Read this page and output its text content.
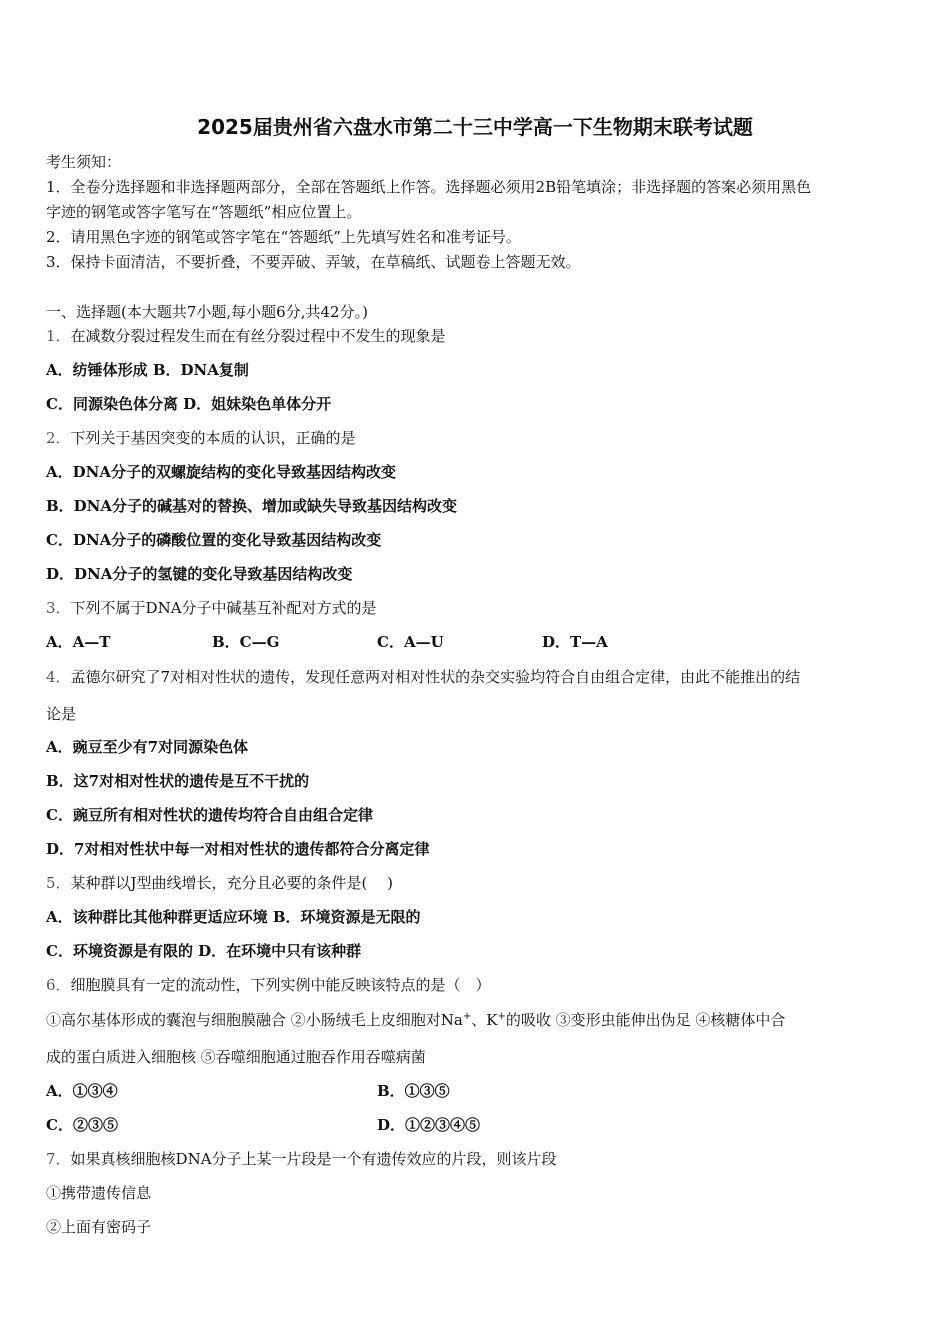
2025届贵州省六盘水市第二十三中学高一下生物期末联考试题
考生须知：
1．全卷分选择题和非选择题两部分，全部在答题纸上作答。选择题必须用2B铅笔填涂；非选择题的答案必须用黑色
字迹的钢笔或答字笔写在“答题纸”相应位置上。
2．请用黑色字迹的钢笔或答字笔在“答题纸”上先填写姓名和准考证号。
3．保持卡面清洁，不要折叠，不要弄破、弄皱，在草稿纸、试题卷上答题无效。
一、选择题(本大题共7小题,每小题6分,共42分。)
1．在减数分裂过程发生而在有丝分裂过程中不发生的现象是
A．纺锤体形成 B．DNA复制
C．同源染色体分离 D．姐妹染色单体分开
2．下列关于基因突变的本质的认识，正确的是
A．DNA分子的双螺旋结构的变化导致基因结构改变
B．DNA分子的碱基对的替换、增加或缺失导致基因结构改变
C．DNA分子的磷酸位置的变化导致基因结构改变
D．DNA分子的氢键的变化导致基因结构改变
3．下列不属于DNA分子中碱基互补配对方式的是
A．A—T	B．C—G	C．A—U	D．T—A
4．孟德尔研究了7对相对性状的遗传，发现任意两对相对性状的杂交实验均符合自由组合定律，由此不能推出的结
论是
A．豌豆至少有7对同源染色体
B．这7对相对性状的遗传是互不干扰的
C．豌豆所有相对性状的遗传均符合自由组合定律
D．7对相对性状中每一对相对性状的遗传都符合分离定律
5．某种群以J型曲线增长，充分且必要的条件是(　 )
A．该种群比其他种群更适应环境 B．环境资源是无限的
C．环境资源是有限的 D．在环境中只有该种群
6．细胞膜具有一定的流动性，下列实例中能反映该特点的是（　）
①高尔基体形成的囊泡与细胞膜融合 ②小肠绒毛上皮细胞对Na+、K+的吸收 ③变形虫能伸出伪足 ④核糖体中合
成的蛋白质进入细胞核 ⑤吞噬细胞通过胞吞作用吞噬病菌
A．①③④	B．①③⑤
C．②③⑤	D．①②③④⑤
7．如果真核细胞核DNA分子上某一片段是一个有遗传效应的片段，则该片段
①携带遗传信息
②上面有密码子
